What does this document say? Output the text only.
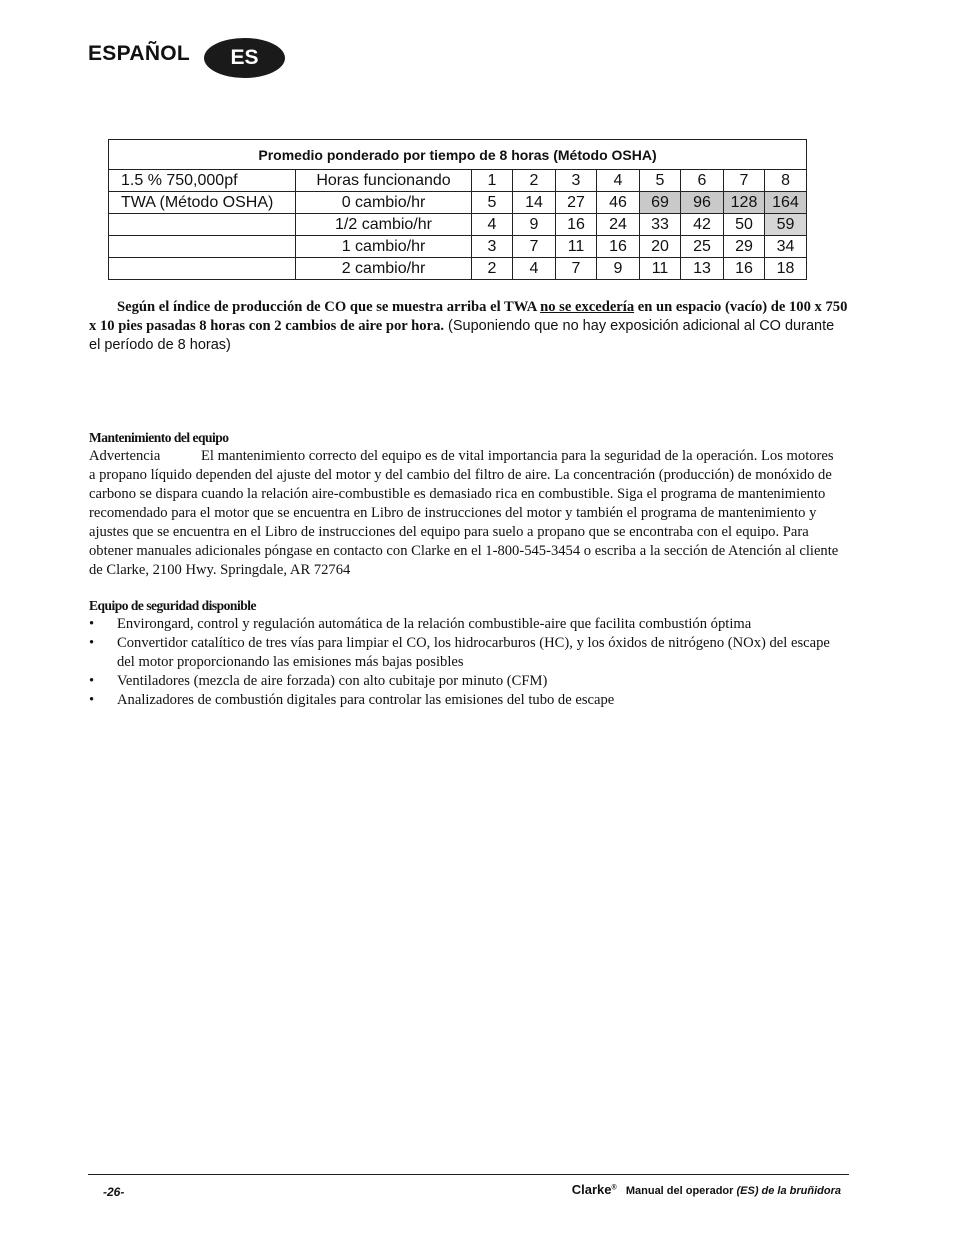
ESPAÑOL	ES
Promedio ponderado por tiempo de 8 horas (Método OSHA)									
1.5 % 750,000pf	Horas funcionando	1	2	3	4	5	6	7	8
TWA (Método OSHA)	0 cambio/hr	5	14	27	46	69	96	128	164
	1/2 cambio/hr	4	9	16	24	33	42	50	59
	1 cambio/hr	3	7	11	16	20	25	29	34
	2 cambio/hr	2	4	7	9	11	13	16	18
Según el índice de producción de CO que se muestra arriba el TWA no se excedería en un espacio (vacío) de 100 x 750 x 10 pies pasadas 8 horas con 2 cambios de aire por hora. (Suponiendo que no hay exposición adicional al CO durante el período de 8 horas)
Mantenimiento del equipo
Advertencia	El mantenimiento correcto del equipo es de vital importancia para la seguridad de la operación. Los motores a propano líquido dependen del ajuste del motor y del cambio del filtro de aire. La concentración (producción) de monóxido de carbono se dispara cuando la relación aire-combustible es demasiado rica en combustible. Siga el programa de mantenimiento recomendado para el motor que se encuentra en Libro de instrucciones del motor y también el programa de mantenimiento y ajustes que se encuentra en el Libro de instrucciones del equipo para suelo a propano que se encontraba con el equipo. Para obtener manuales adicionales póngase en contacto con Clarke en el 1-800-545-3454 o escriba a la sección de Atención al cliente de Clarke, 2100 Hwy. Springdale, AR 72764
Equipo de seguridad disponible
• Environgard, control y regulación automática de la relación combustible-aire que facilita combustión óptima
• Convertidor catalítico de tres vías para limpiar el CO, los hidrocarburos (HC), y los óxidos de nitrógeno (NOx) del escape del motor proporcionando las emisiones más bajas posibles
• Ventiladores (mezcla de aire forzada) con alto cubitaje por minuto (CFM)
• Analizadores de combustión digitales para controlar las emisiones del tubo de escape
-26-	Clarke® Manual del operador (ES) de la bruñidora
